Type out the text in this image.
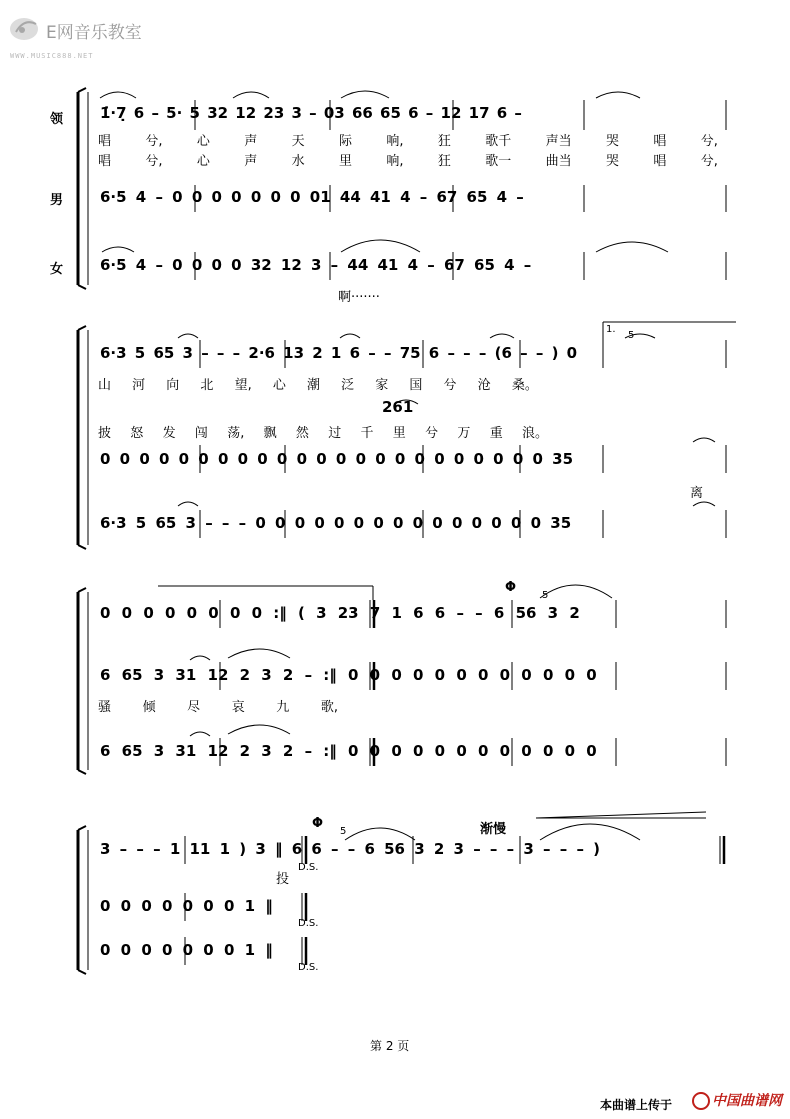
E网音乐教室
WWW.MUSIC888.NET
领
男
女
1̇·7̣ 6 – 5· 5 32 12 23 3 – 03 66 65 6 – 12 17 6 –
唱	兮,	心	声	天	际	响,	狂	歌千	声当	哭	唱	兮,
唱	兮,	心	声	水	里	响,	狂	歌一	曲当	哭	唱	兮,
6·5 4 – 0 0 0 0 0 0 0 01 44 41 4 – 67 65 4 –
6·5 4 – 0 0 0 0 32 12 3 – 44 41 4 – 67 65 4 –
啊·······
1.
5
6·3 5 65 3 – – – 2·6 13 2 1 6 – – 75 6 – – – (6 – – ) 0
山 河 向 北 望, 心 潮 泛 家 国 兮 沧 桑。
261
披 怒 发 闯 荡, 飘 然 过 千 里 兮 万 重 浪。
0 0 0 0 0 0 0 0 0 0 0 0 0 0 0 0 0 0 0 0 0 0 0 35
离
6·3 5 65 3 – – – 0 0 0 0 0 0 0 0 0 0 0 0 0 0 0 35
Φ
5
0 0 0 0 0 0 0 0 :‖ ( 3 23 7 1 6 6 – – 6 56 3 2
6 65 3 31 12 2 3 2 – :‖ 0 0 0 0 0 0 0 0 0 0 0 0
骚 倾 尽 哀 九 歌,
6 65 3 31 12 2 3 2 – :‖ 0 0 0 0 0 0 0 0 0 0 0 0
渐慢
Φ
5
3 – – – 1 11 1 ) 3 ‖ 6 6 – – 6 56 3 2 3 – – – 3 – – – )
投
D.S.
0 0 0 0 0 0 0 1 ‖
D.S.
0 0 0 0 0 0 0 1 ‖
D.S.
第 2 页
本曲谱上传于	中国曲谱网
